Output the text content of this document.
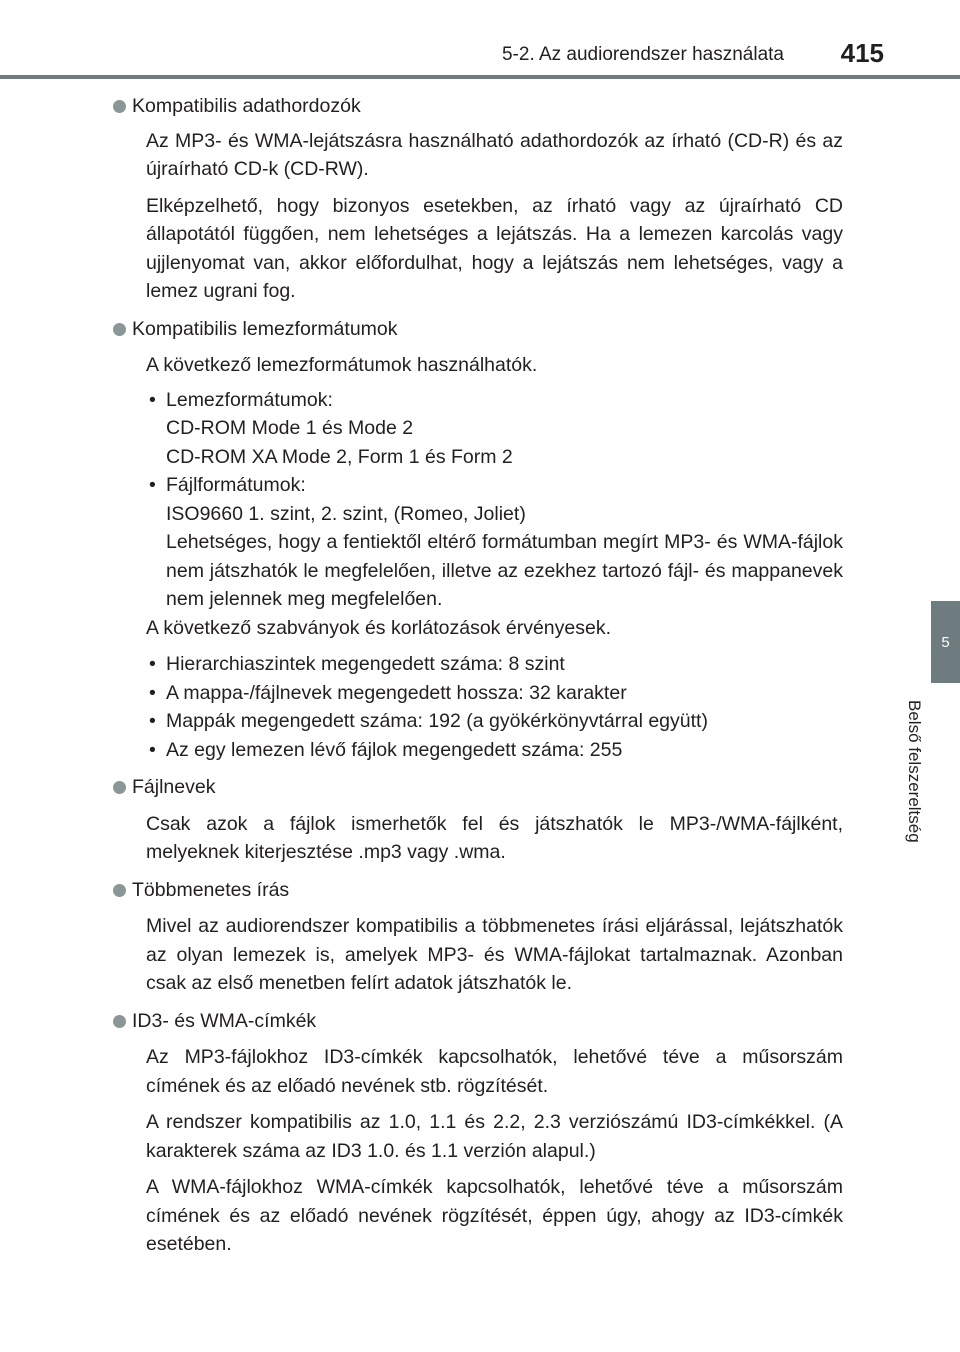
5-2. Az audiorendszer használata 415
5
Belső felszereltség
Kompatibilis adathordozók

Az MP3- és WMA-lejátszásra használható adathordozók az írható (CD-R) és az újraírható CD-k (CD-RW).

Elképzelhető, hogy bizonyos esetekben, az írható vagy az újraírható CD állapotától függően, nem lehetséges a lejátszás. Ha a lemezen karcolás vagy ujjlenyomat van, akkor előfordulhat, hogy a lejátszás nem lehetséges, vagy a lemez ugrani fog.

Kompatibilis lemezformátumok

A következő lemezformátumok használhatók.

• Lemezformátumok:
CD-ROM Mode 1 és Mode 2
CD-ROM XA Mode 2, Form 1 és Form 2
• Fájlformátumok:
ISO9660 1. szint, 2. szint, (Romeo, Joliet)
Lehetséges, hogy a fentiektől eltérő formátumban megírt MP3- és WMA-fájlok nem játszhatók le megfelelően, illetve az ezekhez tartozó fájl- és mappanevek nem jelennek meg megfelelően.

A következő szabványok és korlátozások érvényesek.

• Hierarchiaszintek megengedett száma: 8 szint
• A mappa-/fájlnevek megengedett hossza: 32 karakter
• Mappák megengedett száma: 192 (a gyökérkönyvtárral együtt)
• Az egy lemezen lévő fájlok megengedett száma: 255
Fájlnevek

Csak azok a fájlok ismerhetők fel és játszhatók le MP3-/WMA-fájlként, melyeknek kiterjesztése .mp3 vagy .wma.

Többmenetes írás

Mivel az audiorendszer kompatibilis a többmenetes írási eljárással, lejátszhatók az olyan lemezek is, amelyek MP3- és WMA-fájlokat tartalmaznak. Azonban csak az első menetben felírt adatok játszhatók le.

ID3- és WMA-címkék

Az MP3-fájlokhoz ID3-címkék kapcsolhatók, lehetővé téve a műsorszám címének és az előadó nevének stb. rögzítését.

A rendszer kompatibilis az 1.0, 1.1 és 2.2, 2.3 verziószámú ID3-címkékkel. (A karakterek száma az ID3 1.0. és 1.1 verzión alapul.)

A WMA-fájlokhoz WMA-címkék kapcsolhatók, lehetővé téve a műsorszám címének és az előadó nevének rögzítését, éppen úgy, ahogy az ID3-címkék esetében.
